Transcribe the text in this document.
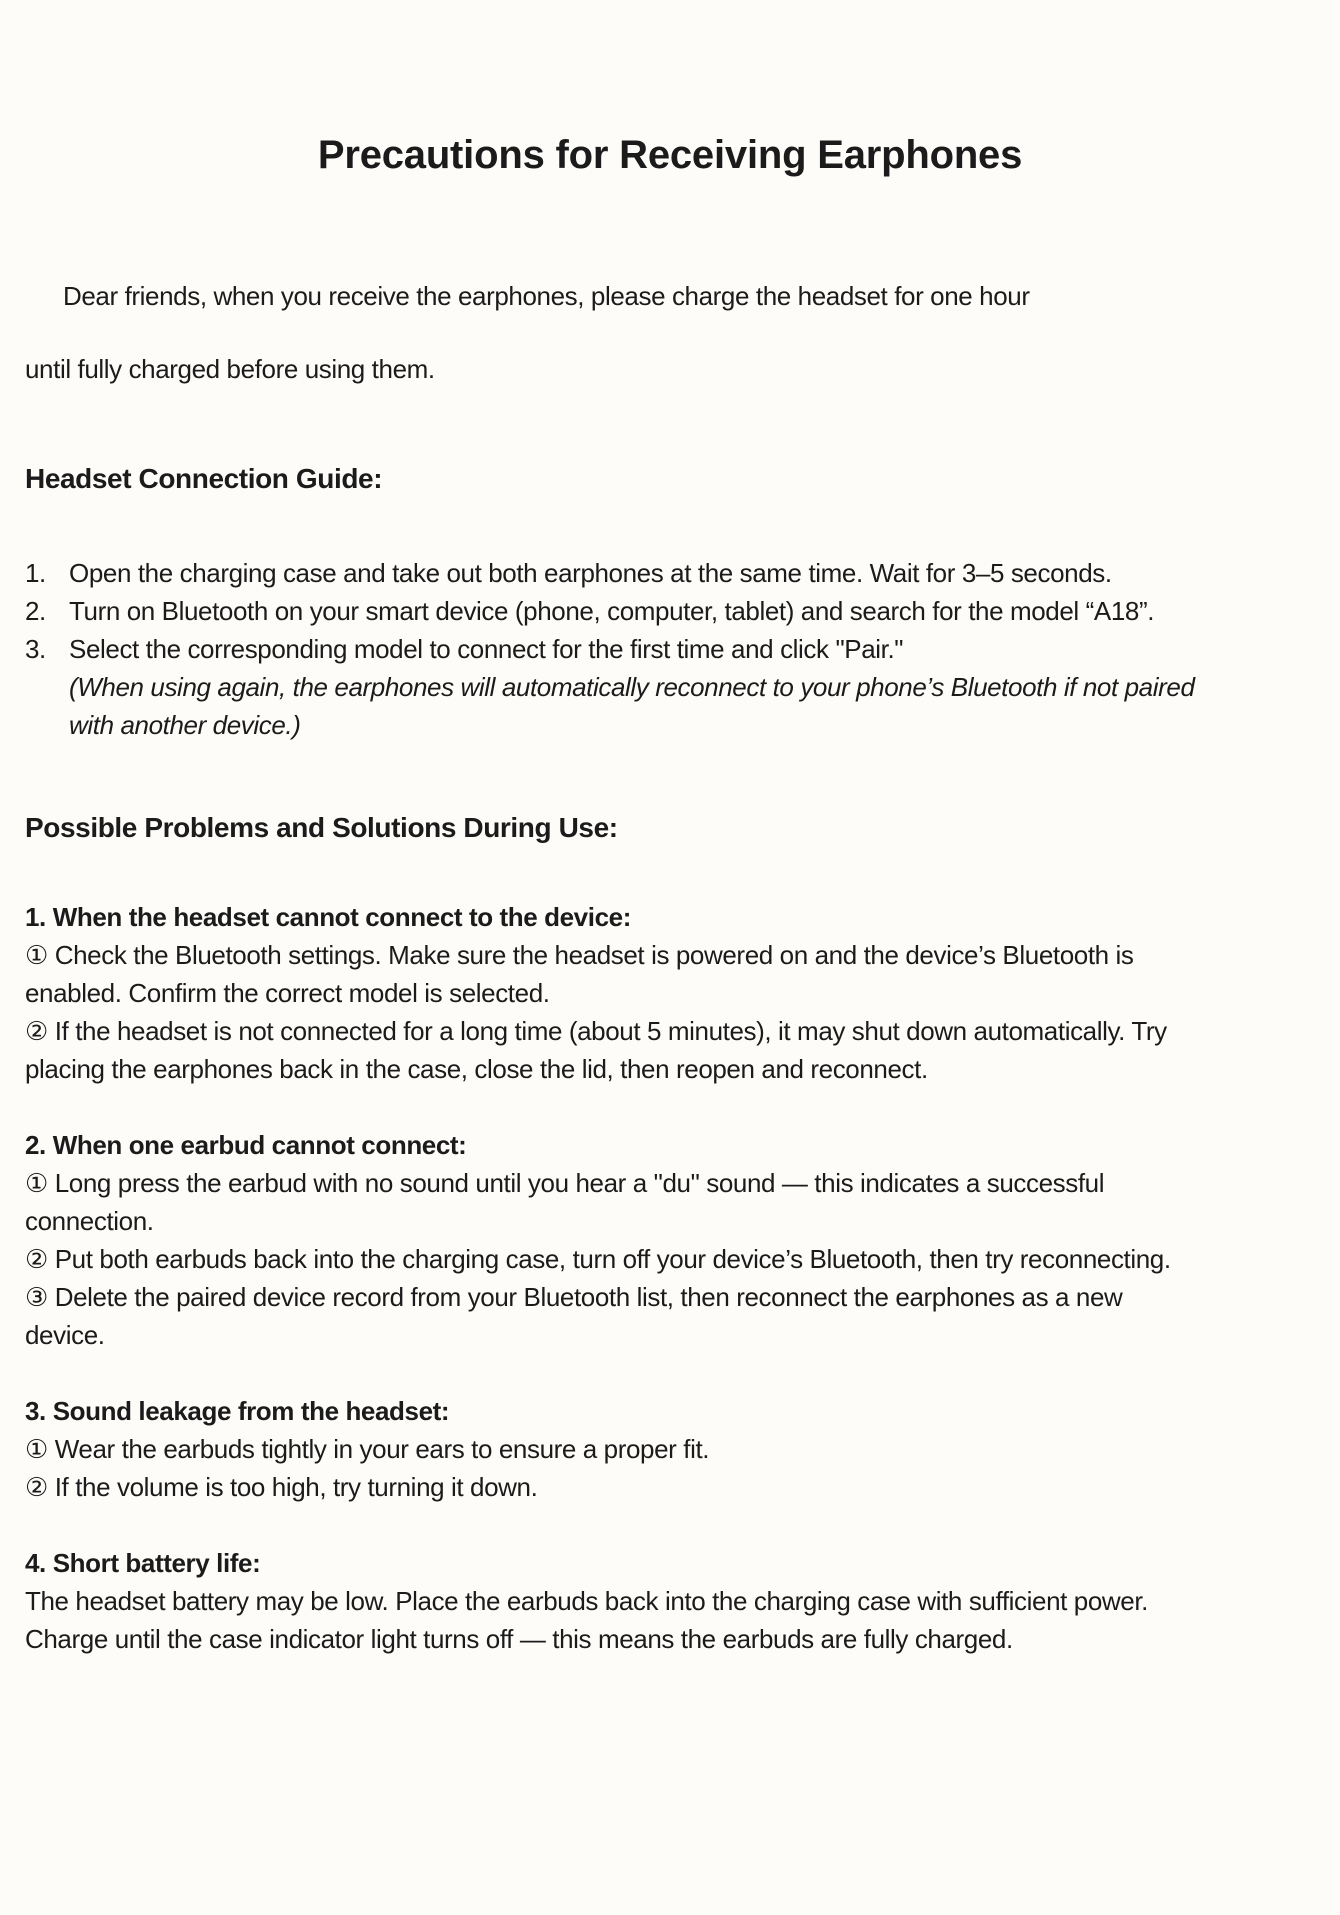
Precautions for Receiving Earphones
Dear friends, when you receive the earphones, please charge the headset for one hour
until fully charged before using them.
Headset Connection Guide:
1. Open the charging case and take out both earphones at the same time. Wait for 3–5 seconds.
2. Turn on Bluetooth on your smart device (phone, computer, tablet) and search for the model “A18”.
3. Select the corresponding model to connect for the first time and click "Pair."
(When using again, the earphones will automatically reconnect to your phone’s Bluetooth if not paired
with another device.)
Possible Problems and Solutions During Use:
1. When the headset cannot connect to the device:
① Check the Bluetooth settings. Make sure the headset is powered on and the device’s Bluetooth is
enabled. Confirm the correct model is selected.
② If the headset is not connected for a long time (about 5 minutes), it may shut down automatically. Try
placing the earphones back in the case, close the lid, then reopen and reconnect.
2. When one earbud cannot connect:
① Long press the earbud with no sound until you hear a "du" sound — this indicates a successful
connection.
② Put both earbuds back into the charging case, turn off your device’s Bluetooth, then try reconnecting.
③ Delete the paired device record from your Bluetooth list, then reconnect the earphones as a new
device.
3. Sound leakage from the headset:
① Wear the earbuds tightly in your ears to ensure a proper fit.
② If the volume is too high, try turning it down.
4. Short battery life:
The headset battery may be low. Place the earbuds back into the charging case with sufficient power.
Charge until the case indicator light turns off — this means the earbuds are fully charged.
